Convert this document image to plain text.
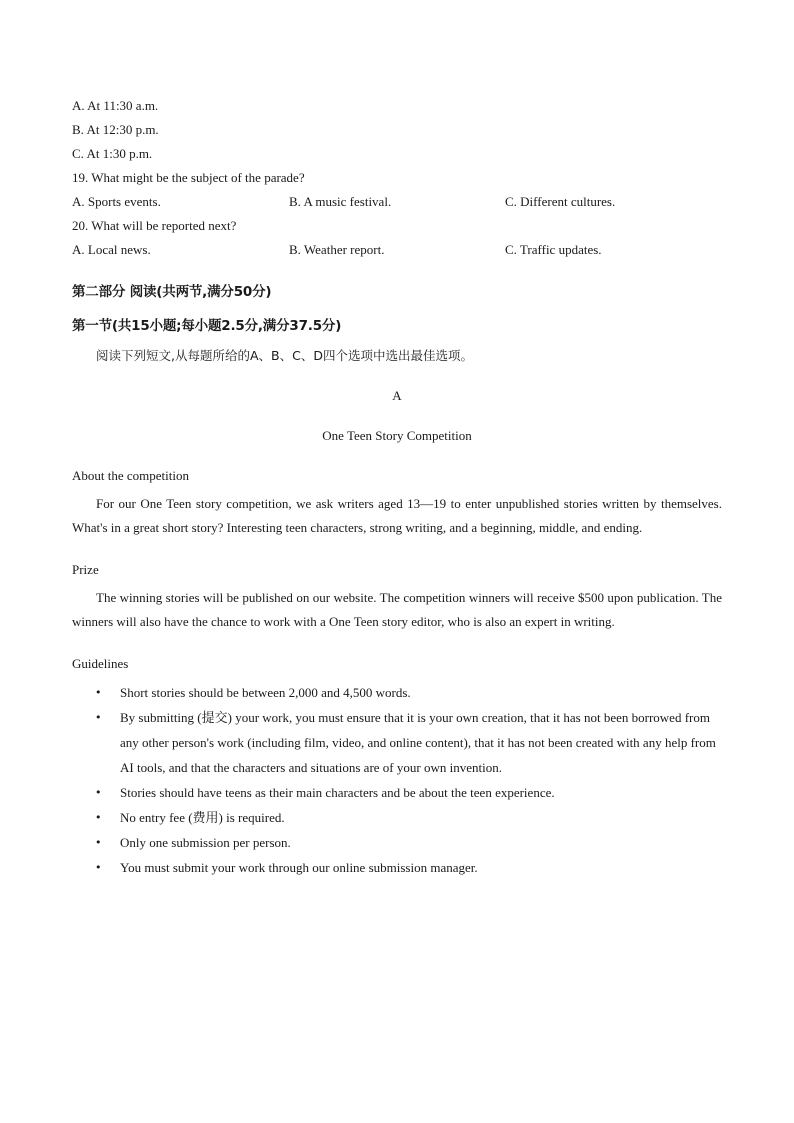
A. At 11:30 a.m.
B. At 12:30 p.m.
C. At 1:30 p.m.
19. What might be the subject of the parade?
A. Sports events.	B. A music festival.	C. Different cultures.
20. What will be reported next?
A. Local news.	B. Weather report.	C. Traffic updates.
第二部分 阅读(共两节,满分50分)
第一节(共15小题;每小题2.5分,满分37.5分)
阅读下列短文,从每题所给的A、B、C、D四个选项中选出最佳选项。
A
One Teen Story Competition
About the competition

For our One Teen story competition, we ask writers aged 13—19 to enter unpublished stories written by themselves. What's in a great short story? Interesting teen characters, strong writing, and a beginning, middle, and ending.

Prize

The winning stories will be published on our website. The competition winners will receive $500 upon publication. The winners will also have the chance to work with a One Teen story editor, who is also an expert in writing.

Guidelines
• Short stories should be between 2,000 and 4,500 words.
• By submitting (提交) your work, you must ensure that it is your own creation, that it has not been borrowed from any other person's work (including film, video, and online content), that it has not been created with any help from AI tools, and that the characters and situations are of your own invention.
• Stories should have teens as their main characters and be about the teen experience.
• No entry fee (费用) is required.
• Only one submission per person.
• You must submit your work through our online submission manager.
